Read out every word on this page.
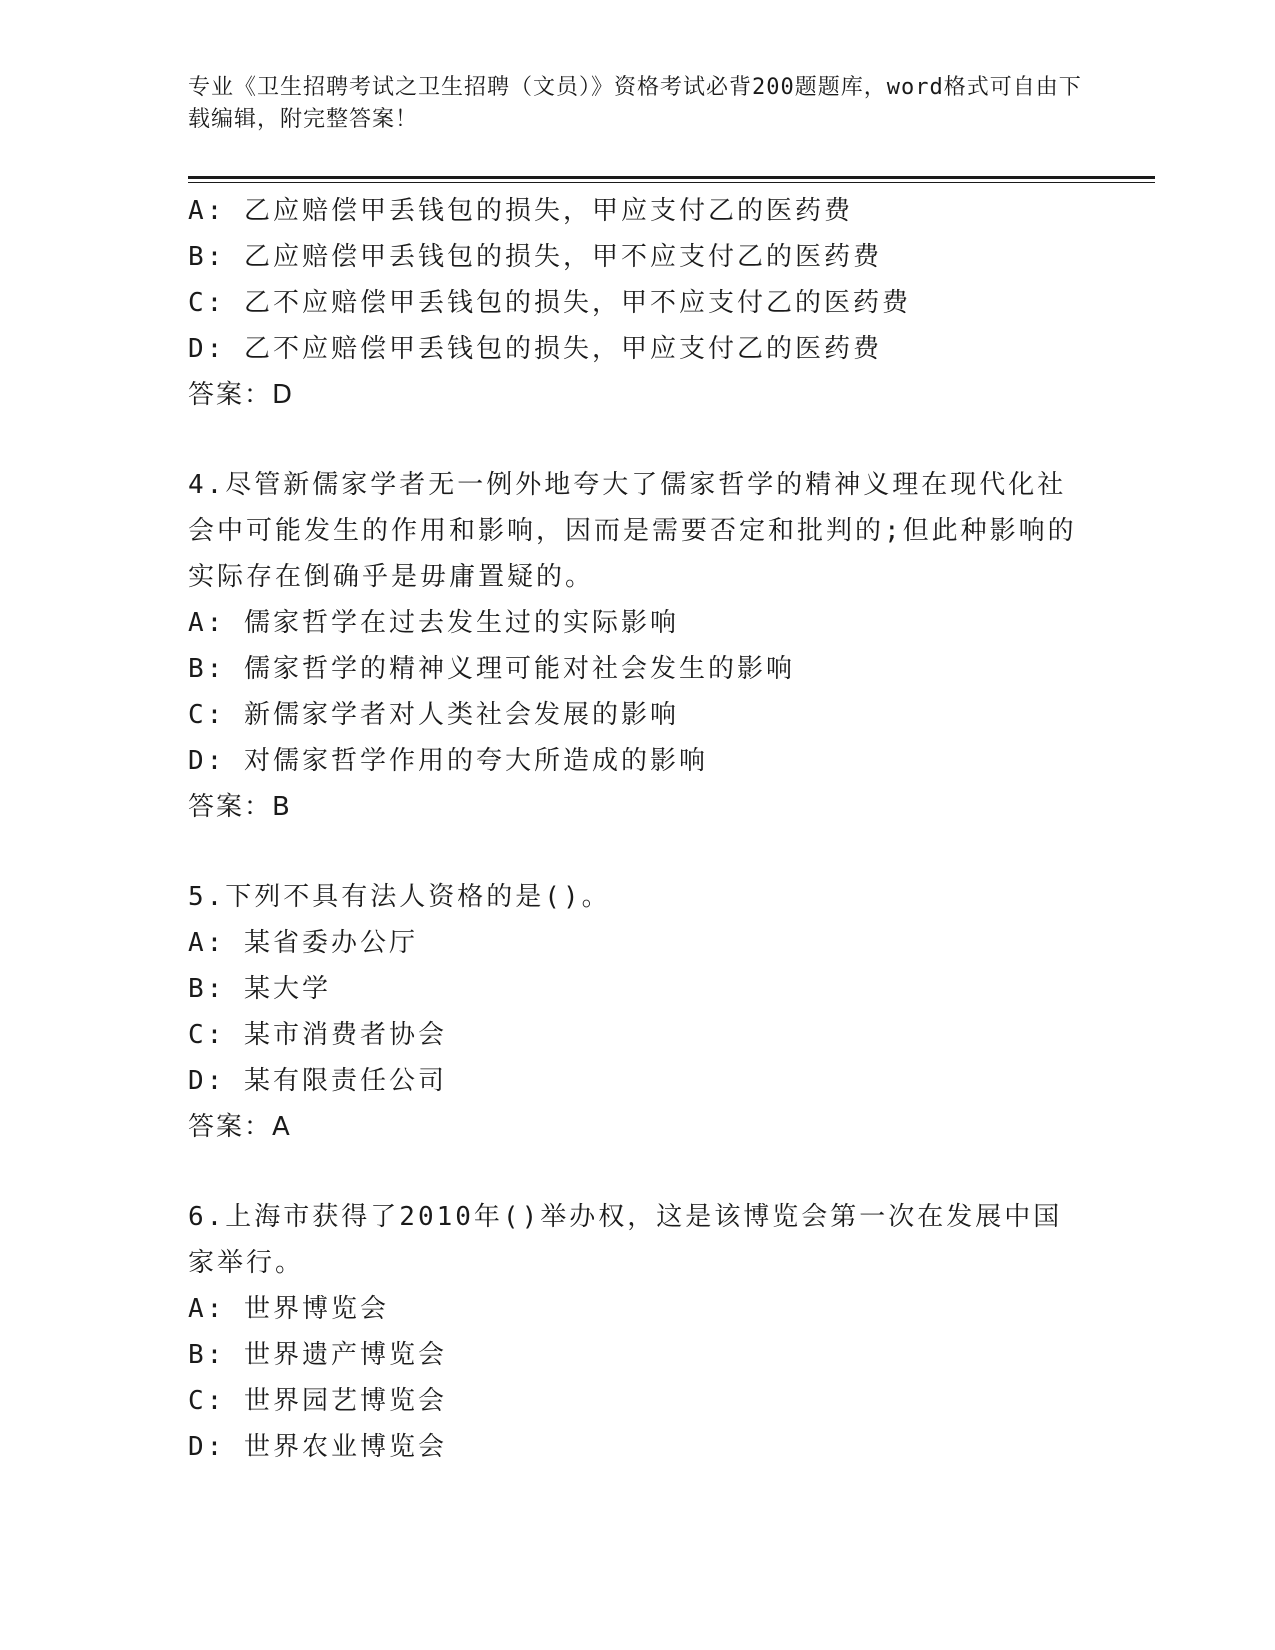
专业《卫生招聘考试之卫生招聘（文员）》资格考试必背200题题库，word格式可自由下载编辑，附完整答案！
A: 乙应赔偿甲丢钱包的损失，甲应支付乙的医药费
B: 乙应赔偿甲丢钱包的损失，甲不应支付乙的医药费
C: 乙不应赔偿甲丢钱包的损失，甲不应支付乙的医药费
D: 乙不应赔偿甲丢钱包的损失，甲应支付乙的医药费
答案：D
4.尽管新儒家学者无一例外地夸大了儒家哲学的精神义理在现代化社会中可能发生的作用和影响，因而是需要否定和批判的;但此种影响的实际存在倒确乎是毋庸置疑的。
A: 儒家哲学在过去发生过的实际影响
B: 儒家哲学的精神义理可能对社会发生的影响
C: 新儒家学者对人类社会发展的影响
D: 对儒家哲学作用的夸大所造成的影响
答案：B
5.下列不具有法人资格的是()。
A: 某省委办公厅
B: 某大学
C: 某市消费者协会
D: 某有限责任公司
答案：A
6.上海市获得了2010年()举办权，这是该博览会第一次在发展中国家举行。
A: 世界博览会
B: 世界遗产博览会
C: 世界园艺博览会
D: 世界农业博览会
